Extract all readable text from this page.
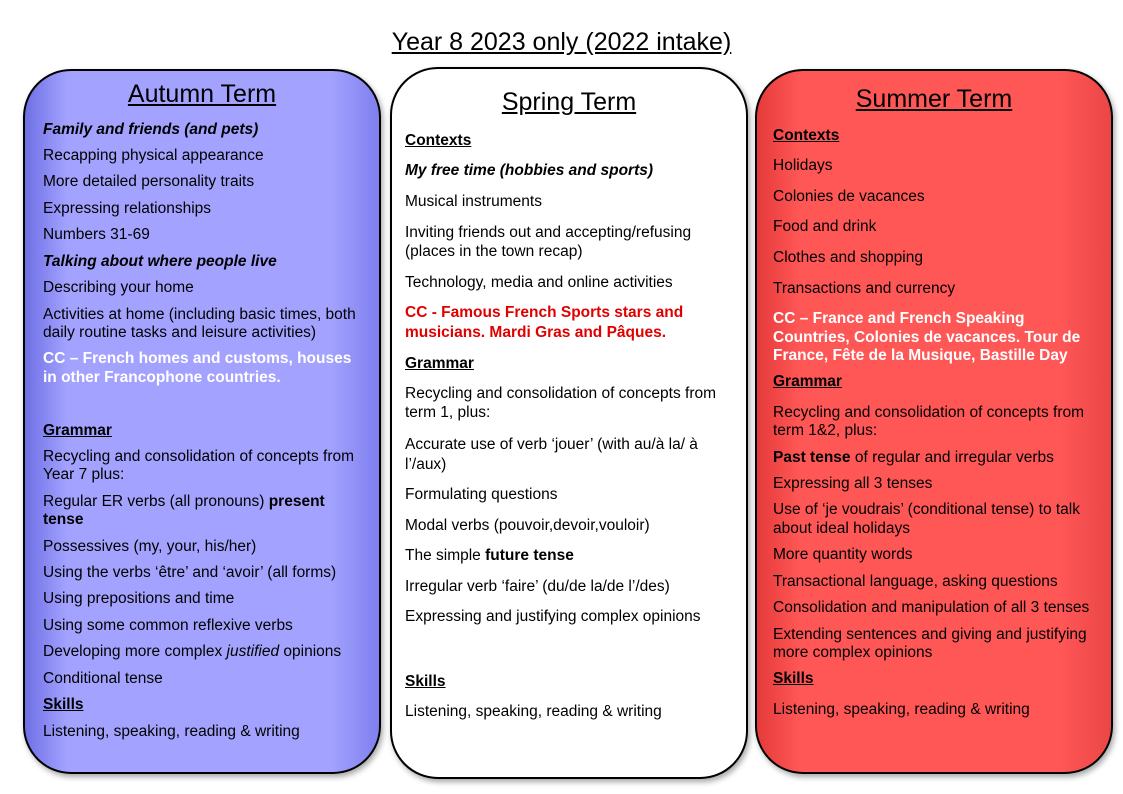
Year 8 2023 only (2022 intake)
Autumn Term
Family and friends (and pets)
Recapping physical appearance
More detailed personality traits
Expressing relationships
Numbers 31-69
Talking about where people live
Describing your home
Activities at home (including basic times, both
daily routine tasks and leisure activities)
CC – French homes and customs, houses
in other Francophone countries.
Grammar
Recycling and consolidation of concepts from
Year 7 plus:
Regular ER verbs (all pronouns) present
tense
Possessives (my, your, his/her)
Using the verbs ‘être’ and ‘avoir’ (all forms)
Using prepositions and time
Using some common reflexive verbs
Developing more complex justified opinions
Conditional tense
Skills
Listening, speaking, reading & writing
Spring Term
Contexts
My free time (hobbies and sports)
Musical instruments
Inviting friends out and accepting/refusing
(places in the town recap)
Technology, media and online activities
CC - Famous French Sports stars and
musicians. Mardi Gras and Pâques.
Grammar
Recycling and consolidation of concepts from
term 1, plus:
Accurate use of verb ‘jouer’ (with au/à la/ à
l’/aux)
Formulating questions
Modal verbs (pouvoir,devoir,vouloir)
The simple future tense
Irregular verb ‘faire’ (du/de la/de l’/des)
Expressing and justifying complex opinions
Skills
Listening, speaking, reading & writing
Summer Term
Contexts
Holidays
Colonies de vacances
Food and drink
Clothes and shopping
Transactions and currency
CC – France and French Speaking
Countries, Colonies de vacances. Tour de
France, Fête de la Musique, Bastille Day
Grammar
Recycling and consolidation of concepts from
term 1&2, plus:
Past tense of regular and irregular verbs
Expressing all 3 tenses
Use of ‘je voudrais’ (conditional tense) to talk
about ideal holidays
More quantity words
Transactional language, asking questions
Consolidation and manipulation of all 3 tenses
Extending sentences and giving and justifying
more complex opinions
Skills
Listening, speaking, reading & writing
